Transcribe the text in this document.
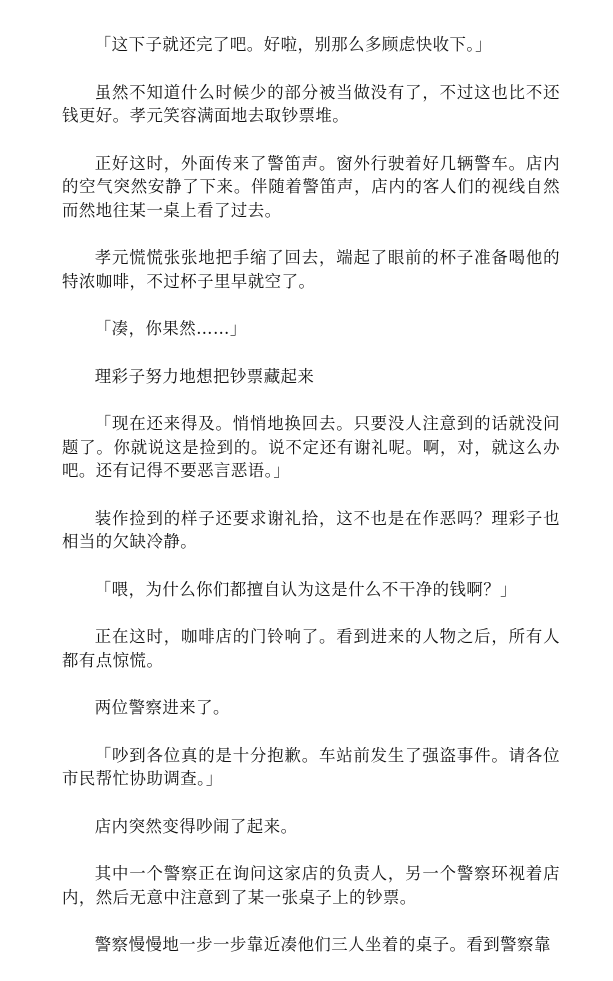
「这下子就还完了吧。好啦，别那么多顾虑快收下。」

虽然不知道什么时候少的部分被当做没有了，不过这也比不还钱更好。孝元笑容满面地去取钞票堆。

正好这时，外面传来了警笛声。窗外行驶着好几辆警车。店内的空气突然安静了下来。伴随着警笛声，店内的客人们的视线自然而然地往某一桌上看了过去。

孝元慌慌张张地把手缩了回去，端起了眼前的杯子准备喝他的特浓咖啡，不过杯子里早就空了。

「凑，你果然……」

理彩子努力地想把钞票藏起来

「现在还来得及。悄悄地换回去。只要没人注意到的话就没问题了。你就说这是捡到的。说不定还有谢礼呢。啊，对，就这么办吧。还有记得不要恶言恶语。」

装作捡到的样子还要求谢礼拾，这不也是在作恶吗？理彩子也相当的欠缺冷静。

「喂，为什么你们都擅自认为这是什么不干净的钱啊？」

正在这时，咖啡店的门铃响了。看到进来的人物之后，所有人都有点惊慌。

两位警察进来了。

「吵到各位真的是十分抱歉。车站前发生了强盗事件。请各位市民帮忙协助调查。」

店内突然变得吵闹了起来。

其中一个警察正在询问这家店的负责人，另一个警察环视着店内，然后无意中注意到了某一张桌子上的钞票。

警察慢慢地一步一步靠近凑他们三人坐着的桌子。看到警察靠
